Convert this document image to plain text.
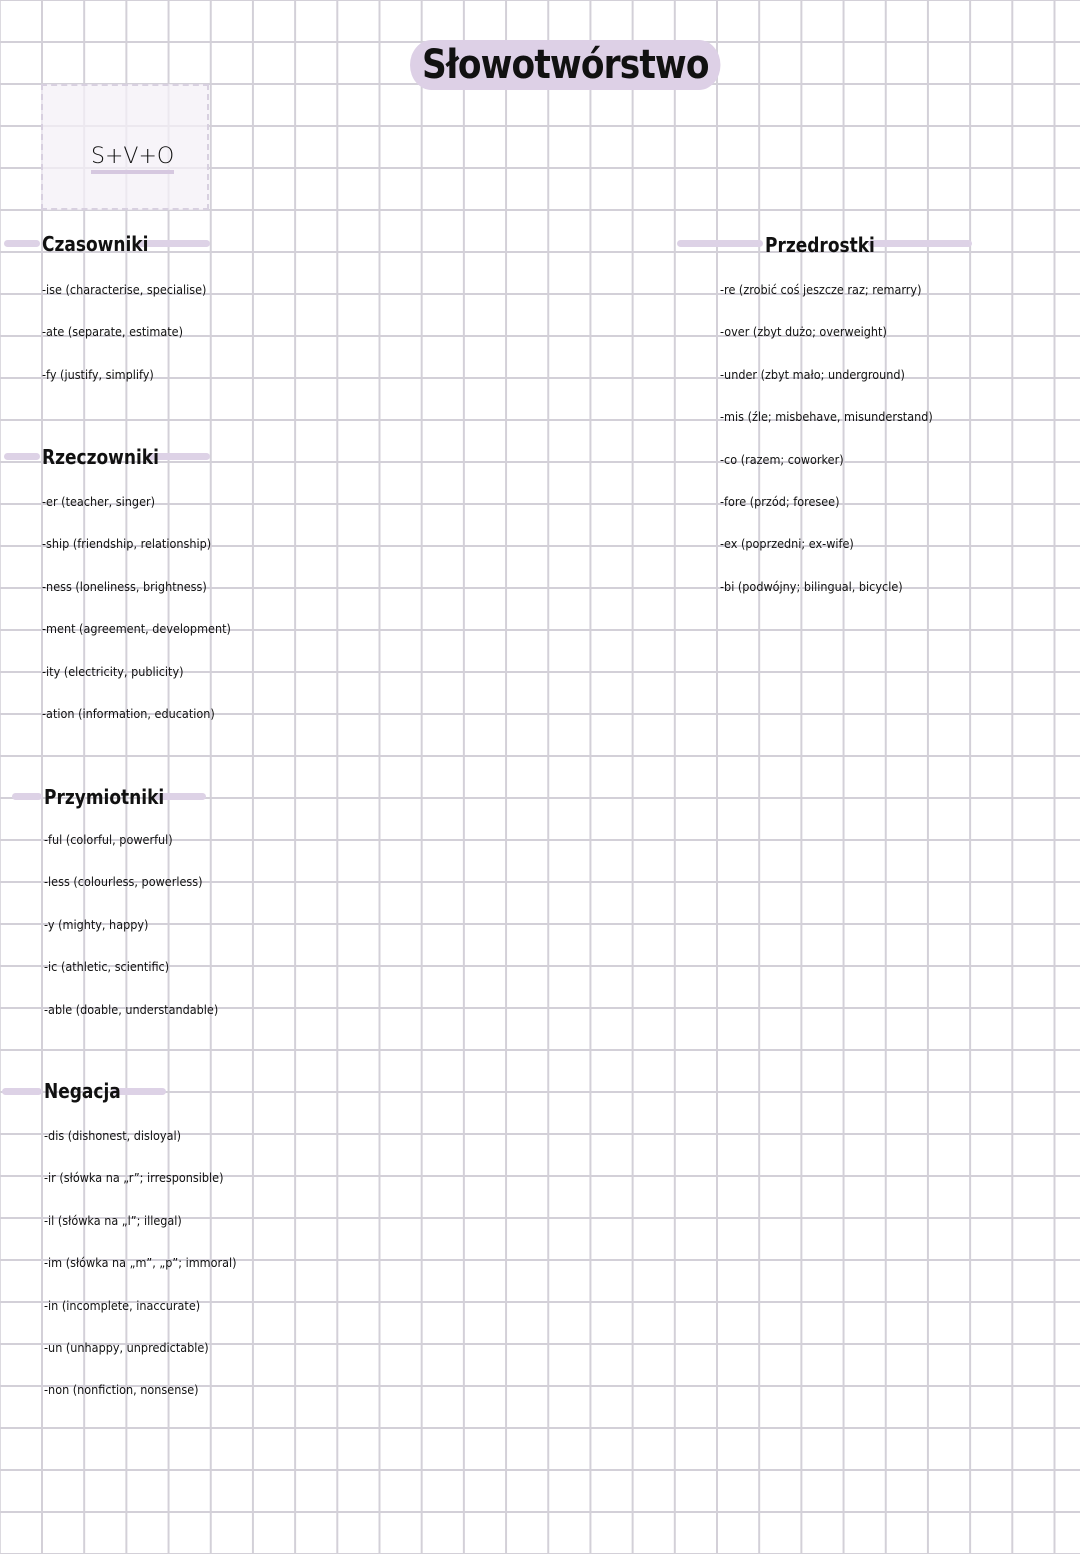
Słowotwórstwo
S+V+O
Czasowniki
-ise (characterise, specialise)
-ate (separate, estimate)
-fy (justify, simplify)
Rzeczowniki
-er (teacher, singer)
-ship (friendship, relationship)
-ness (loneliness, brightness)
-ment (agreement, development)
-ity (electricity, publicity)
-ation (information, education)
Przymiotniki
-ful (colorful, powerful)
-less (colourless, powerless)
-y (mighty, happy)
-ic (athletic, scientific)
-able (doable, understandable)
Negacja
-dis (dishonest, disloyal)
-ir (słówka na „r”; irresponsible)
-il (słówka na „l”; illegal)
-im (słówka na „m”, „p”; immoral)
-in (incomplete, inaccurate)
-un (unhappy, unpredictable)
-non (nonfiction, nonsense)
Przedrostki
-re (zrobić coś jeszcze raz; remarry)
-over (zbyt dużo; overweight)
-under (zbyt mało; underground)
-mis (źle; misbehave, misunderstand)
-co (razem; coworker)
-fore (przód; foresee)
-ex (poprzedni; ex-wife)
-bi (podwójny; bilingual, bicycle)
